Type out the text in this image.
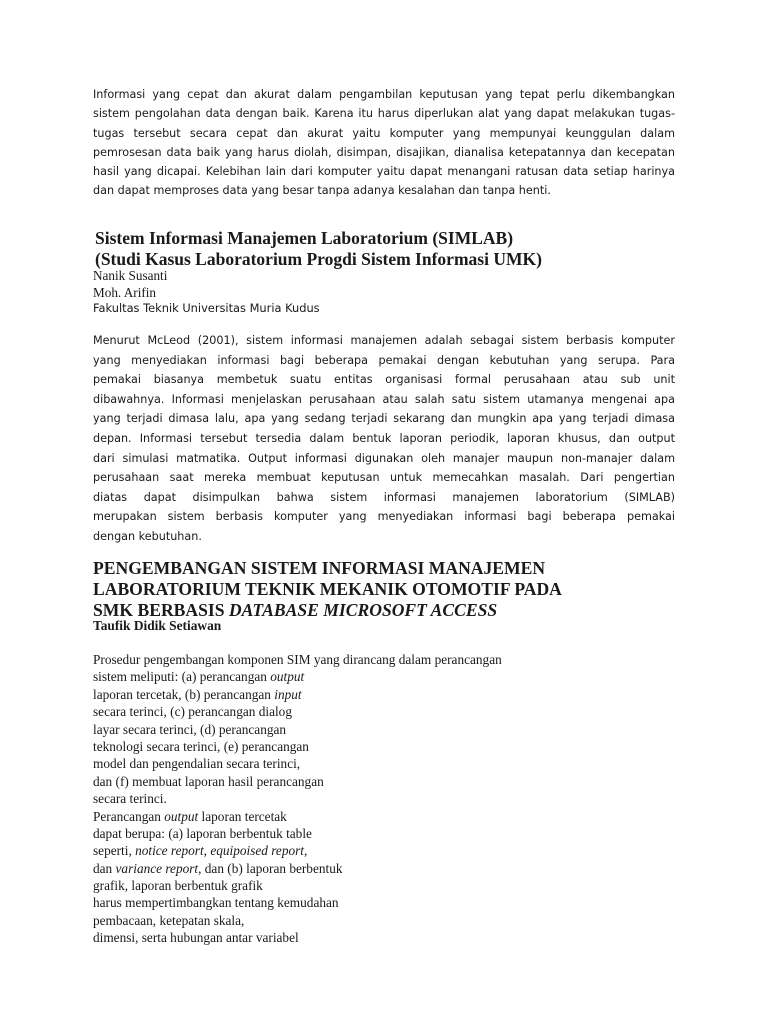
Informasi yang cepat dan akurat dalam pengambilan keputusan yang tepat perlu dikembangkan
sistem pengolahan data dengan baik. Karena itu harus diperlukan alat yang dapat melakukan tugas-
tugas tersebut secara cepat dan akurat yaitu komputer yang mempunyai keunggulan dalam
pemrosesan data baik yang harus diolah, disimpan, disajikan, dianalisa ketepatannya dan kecepatan
hasil yang dicapai. Kelebihan lain dari komputer yaitu dapat menangani ratusan data setiap harinya
dan dapat memproses data yang besar tanpa adanya kesalahan dan tanpa henti.
Sistem Informasi Manajemen Laboratorium (SIMLAB)
(Studi Kasus Laboratorium Progdi Sistem Informasi UMK)
Nanik Susanti
Moh. Arifin
Fakultas Teknik Universitas Muria Kudus
Menurut McLeod (2001), sistem informasi manajemen adalah sebagai sistem berbasis komputer
yang menyediakan informasi bagi beberapa pemakai dengan kebutuhan yang serupa. Para
pemakai biasanya membetuk suatu entitas organisasi formal perusahaan atau sub unit
dibawahnya. Informasi menjelaskan perusahaan atau salah satu sistem utamanya mengenai apa
yang terjadi dimasa lalu, apa yang sedang terjadi sekarang dan mungkin apa yang terjadi dimasa
depan. Informasi tersebut tersedia dalam bentuk laporan periodik, laporan khusus, dan output
dari simulasi matmatika. Output informasi digunakan oleh manajer maupun non-manajer dalam
perusahaan saat mereka membuat keputusan untuk memecahkan masalah. Dari pengertian
diatas dapat disimpulkan bahwa sistem informasi manajemen laboratorium (SIMLAB)
merupakan sistem berbasis komputer yang menyediakan informasi bagi beberapa pemakai
dengan kebutuhan.
PENGEMBANGAN SISTEM INFORMASI MANAJEMEN
LABORATORIUM TEKNIK MEKANIK OTOMOTIF PADA
SMK BERBASIS DATABASE MICROSOFT ACCESS
Taufik Didik Setiawan
Prosedur pengembangan komponen SIM yang dirancang dalam perancangan
sistem meliputi: (a) perancangan output
laporan tercetak, (b) perancangan input
secara terinci, (c) perancangan dialog
layar secara terinci, (d) perancangan
teknologi secara terinci, (e) perancangan
model dan pengendalian secara terinci,
dan (f) membuat laporan hasil perancangan
secara terinci.
Perancangan output laporan tercetak
dapat berupa: (a) laporan berbentuk table
seperti, notice report, equipoised report,
dan variance report, dan (b) laporan berbentuk
grafik, laporan berbentuk grafik
harus mempertimbangkan tentang kemudahan
pembacaan, ketepatan skala,
dimensi, serta hubungan antar variabel
